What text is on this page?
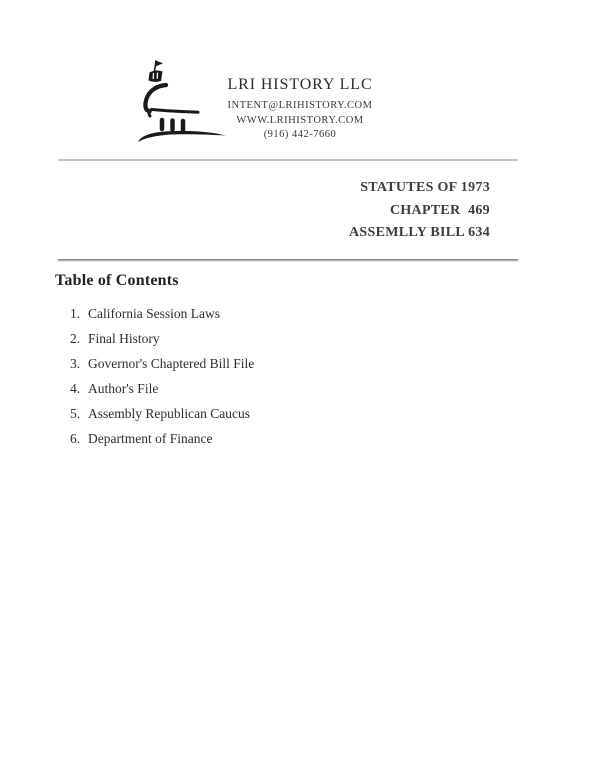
LRI HISTORY LLC
INTENT@LRIHISTORY.COM
WWW.LRIHISTORY.COM
(916) 442-7660
STATUTES OF 1973
CHAPTER  469
ASSEMLLY BILL 634
Table of Contents
1. California Session Laws
2. Final History
3. Governor's Chaptered Bill File
4. Author's File
5. Assembly Republican Caucus
6. Department of Finance
